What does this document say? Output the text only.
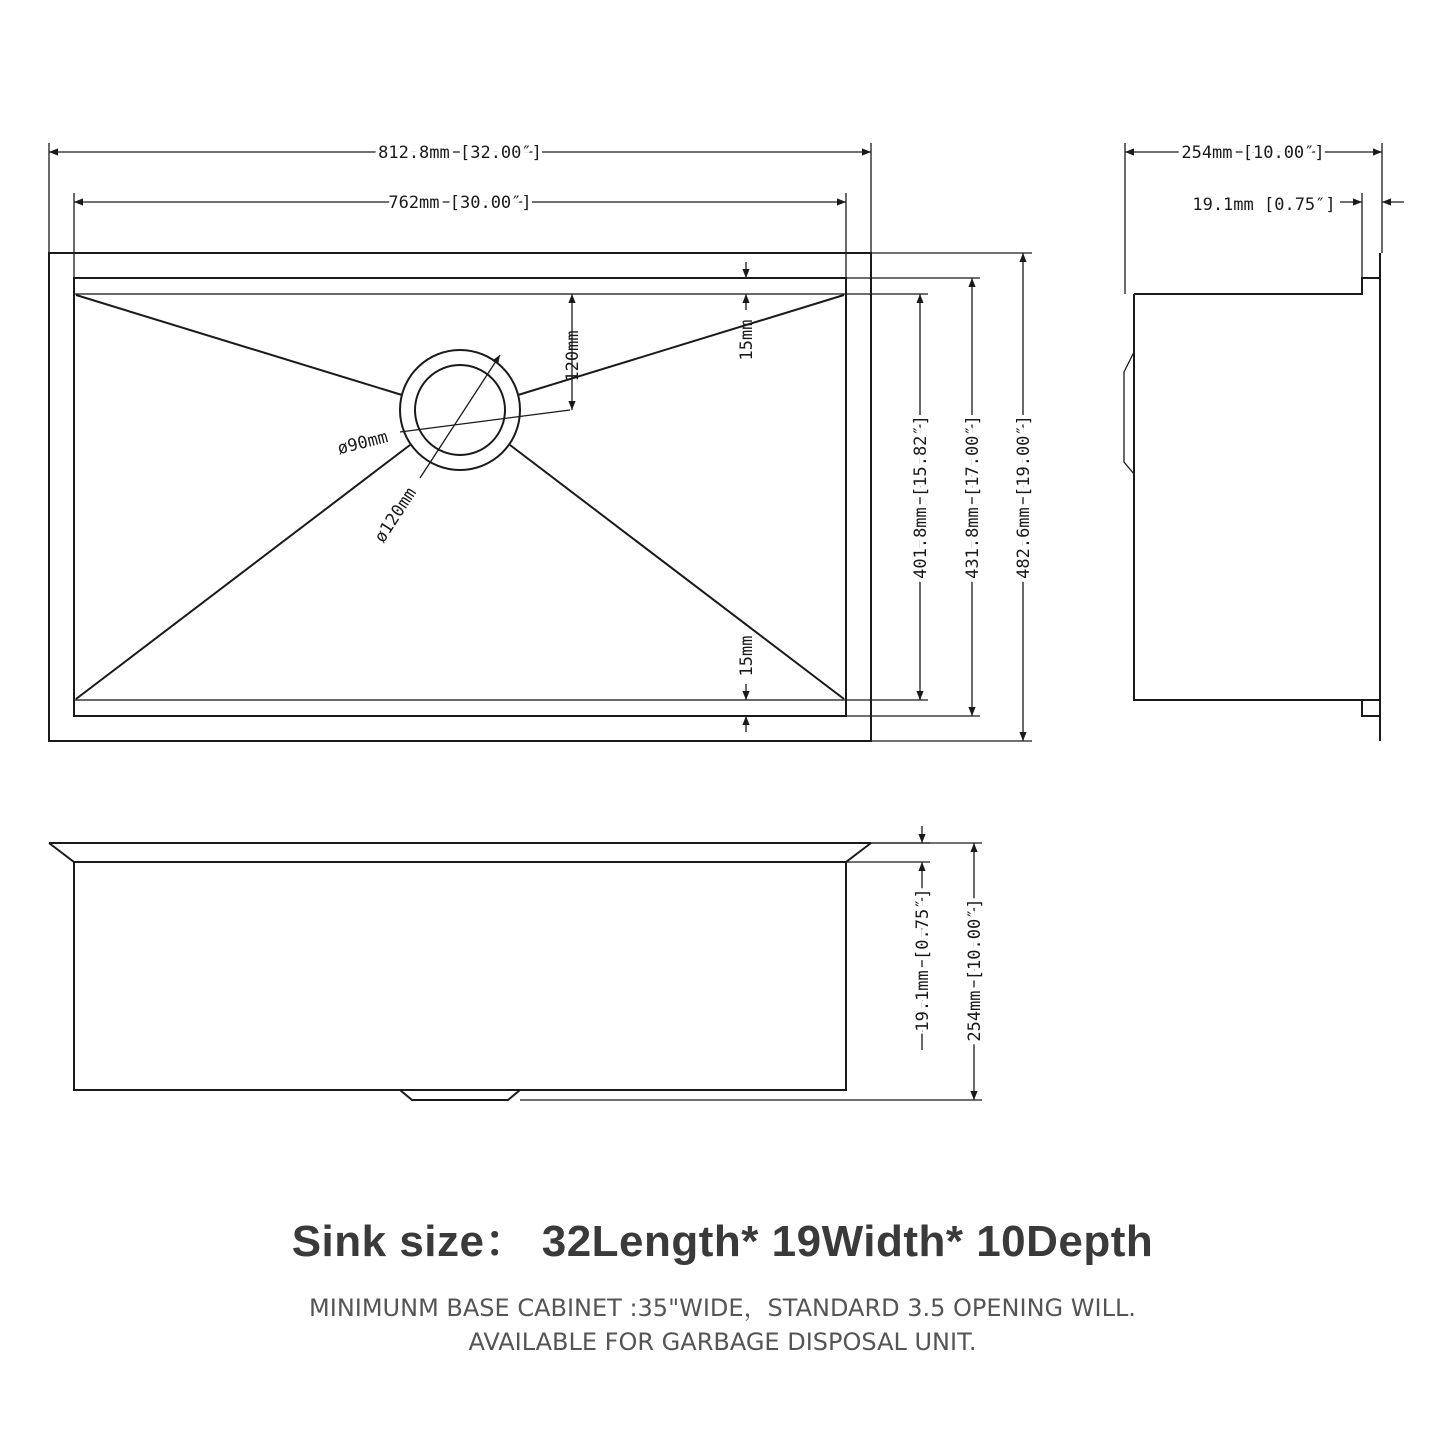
812.8mm [32.00″]
762mm [30.00″]
401.8mm [15.82″] 431.8mm [17.00″] 482.6mm [19.00″]
120mm	15mm
15mm
ø90mm
ø120mm
254mm [10.00″]
19.1mm [0.75″]
19.1mm [0.75″] 254mm [10.00″]
Sink size： 32Length* 19Width* 10Depth
MINIMUNM BASE CABINET :35"WIDE，STANDARD 3.5 OPENING WILL.
AVAILABLE FOR GARBAGE DISPOSAL UNIT.
